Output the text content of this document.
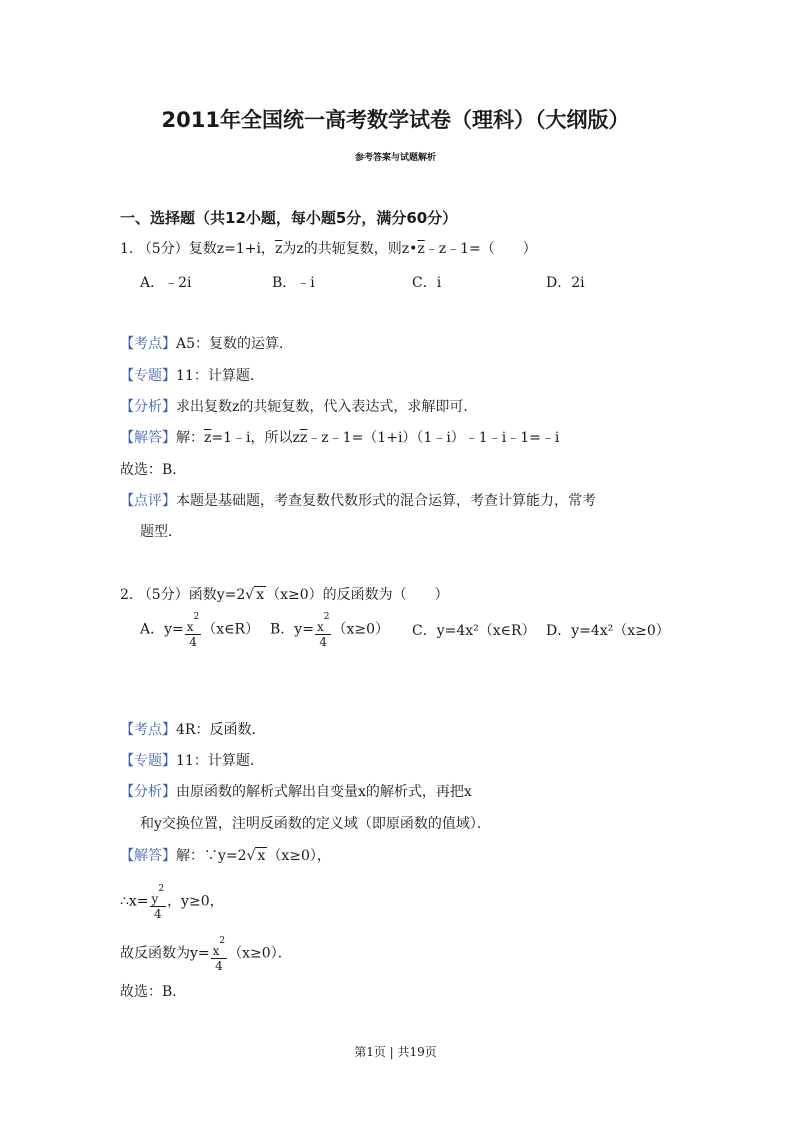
2011年全国统一高考数学试卷（理科）（大纲版）
参考答案与试题解析
一、选择题（共12小题，每小题5分，满分60分）
1. （5分）复数z=1+i，$\overline{z}$为z的共轭复数，则$z•\overline{z}﹣z﹣1=$（　　）
A．﹣2i	B．﹣i	C．i	D．2i
【考点】A5：复数的运算．
【专题】11：计算题．
【分析】求出复数z的共轭复数，代入表达式，求解即可．
【解答】解：$\overline{z}=1﹣i$，所以$z\overline{z}﹣z﹣1=(1+i)(1﹣i)﹣1﹣i﹣1=﹣i$
故选：B．
【点评】本题是基础题，考查复数代数形式的混合运算，考查计算能力，常考
题型．
2. （5分）函数y=2√ x （x≥0）的反函数为（　　）
A．$y= \frac{x^2}{4}$ （x∈R） B．$y= \frac{x^2}{4} (x\ge 0)$ C．y=4x²（x∈R） D．y=4x²（x≥0）
【考点】4R：反函数．
【专题】11：计算题．
【分析】由原函数的解析式解出自变量x的解析式，再把x
和y交换位置，注明反函数的定义域（即原函数的值域）．
【解答】解：∵y=2√ x （x≥0），
∴x= $\frac{y^2}{4}$ ，y≥0，
故反函数为$y= \frac{x^2}{4} (x\ge 0)$．
故选：B．
第1页 | 共19页
